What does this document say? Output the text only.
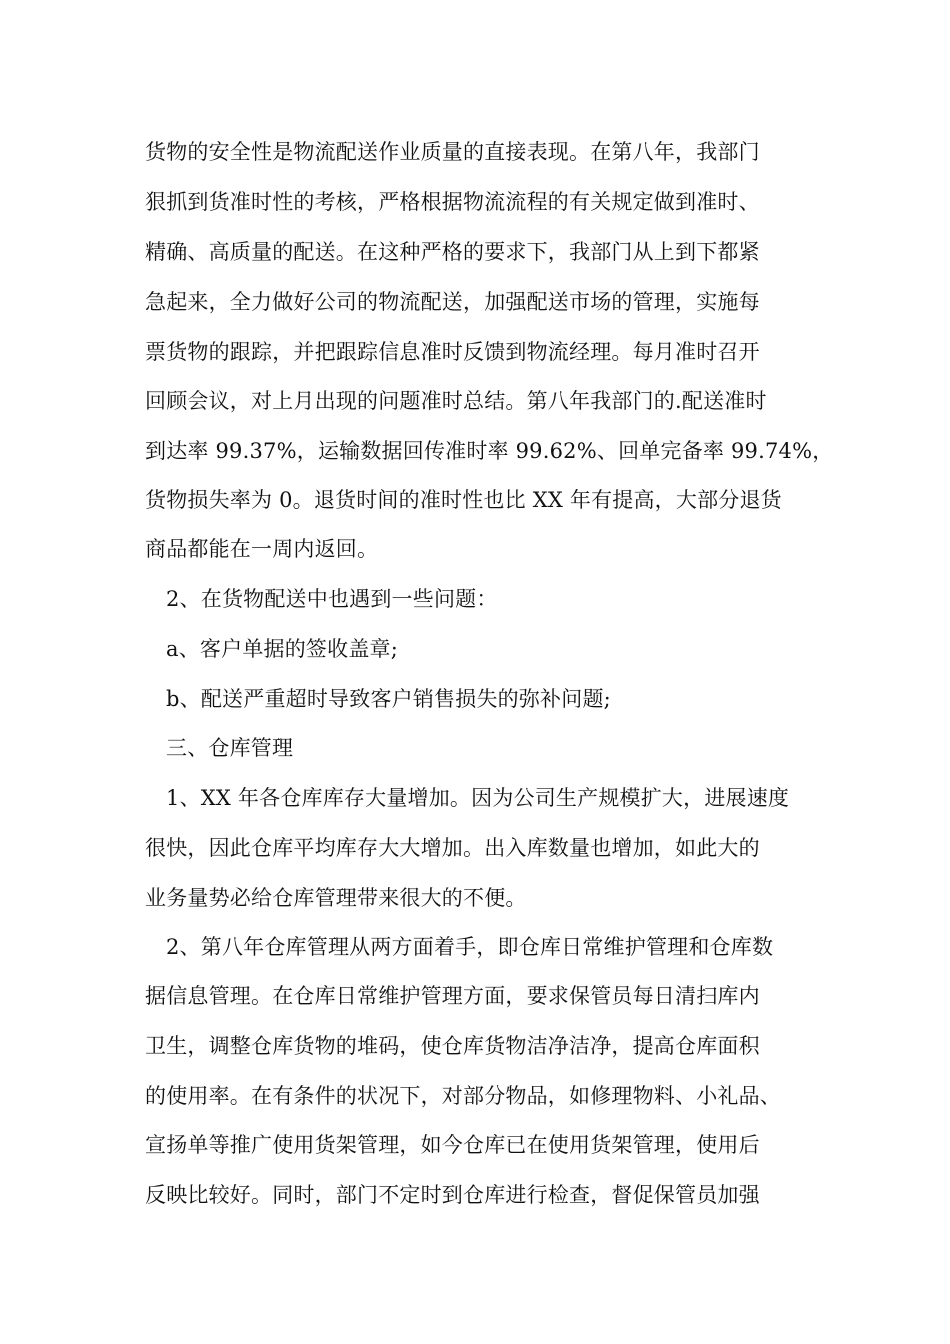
货物的安全性是物流配送作业质量的直接表现。在第八年，我部门
狠抓到货准时性的考核，严格根据物流流程的有关规定做到准时、
精确、高质量的配送。在这种严格的要求下，我部门从上到下都紧
急起来，全力做好公司的物流配送，加强配送市场的管理，实施每
票货物的跟踪，并把跟踪信息准时反馈到物流经理。每月准时召开
回顾会议，对上月出现的问题准时总结。第八年我部门的.配送准时
到达率 99.37%，运输数据回传准时率 99.62%、回单完备率 99.74%，
货物损失率为 0。退货时间的准时性也比 XX 年有提高，大部分退货
商品都能在一周内返回。
2、在货物配送中也遇到一些问题：
a、客户单据的签收盖章;
b、配送严重超时导致客户销售损失的弥补问题;
三、仓库管理
1、XX 年各仓库库存大量增加。因为公司生产规模扩大，进展速度
很快，因此仓库平均库存大大增加。出入库数量也增加，如此大的
业务量势必给仓库管理带来很大的不便。
2、第八年仓库管理从两方面着手，即仓库日常维护管理和仓库数
据信息管理。在仓库日常维护管理方面，要求保管员每日清扫库内
卫生，调整仓库货物的堆码，使仓库货物洁净洁净，提高仓库面积
的使用率。在有条件的状况下，对部分物品，如修理物料、小礼品、
宣扬单等推广使用货架管理，如今仓库已在使用货架管理，使用后
反映比较好。同时，部门不定时到仓库进行检查，督促保管员加强
